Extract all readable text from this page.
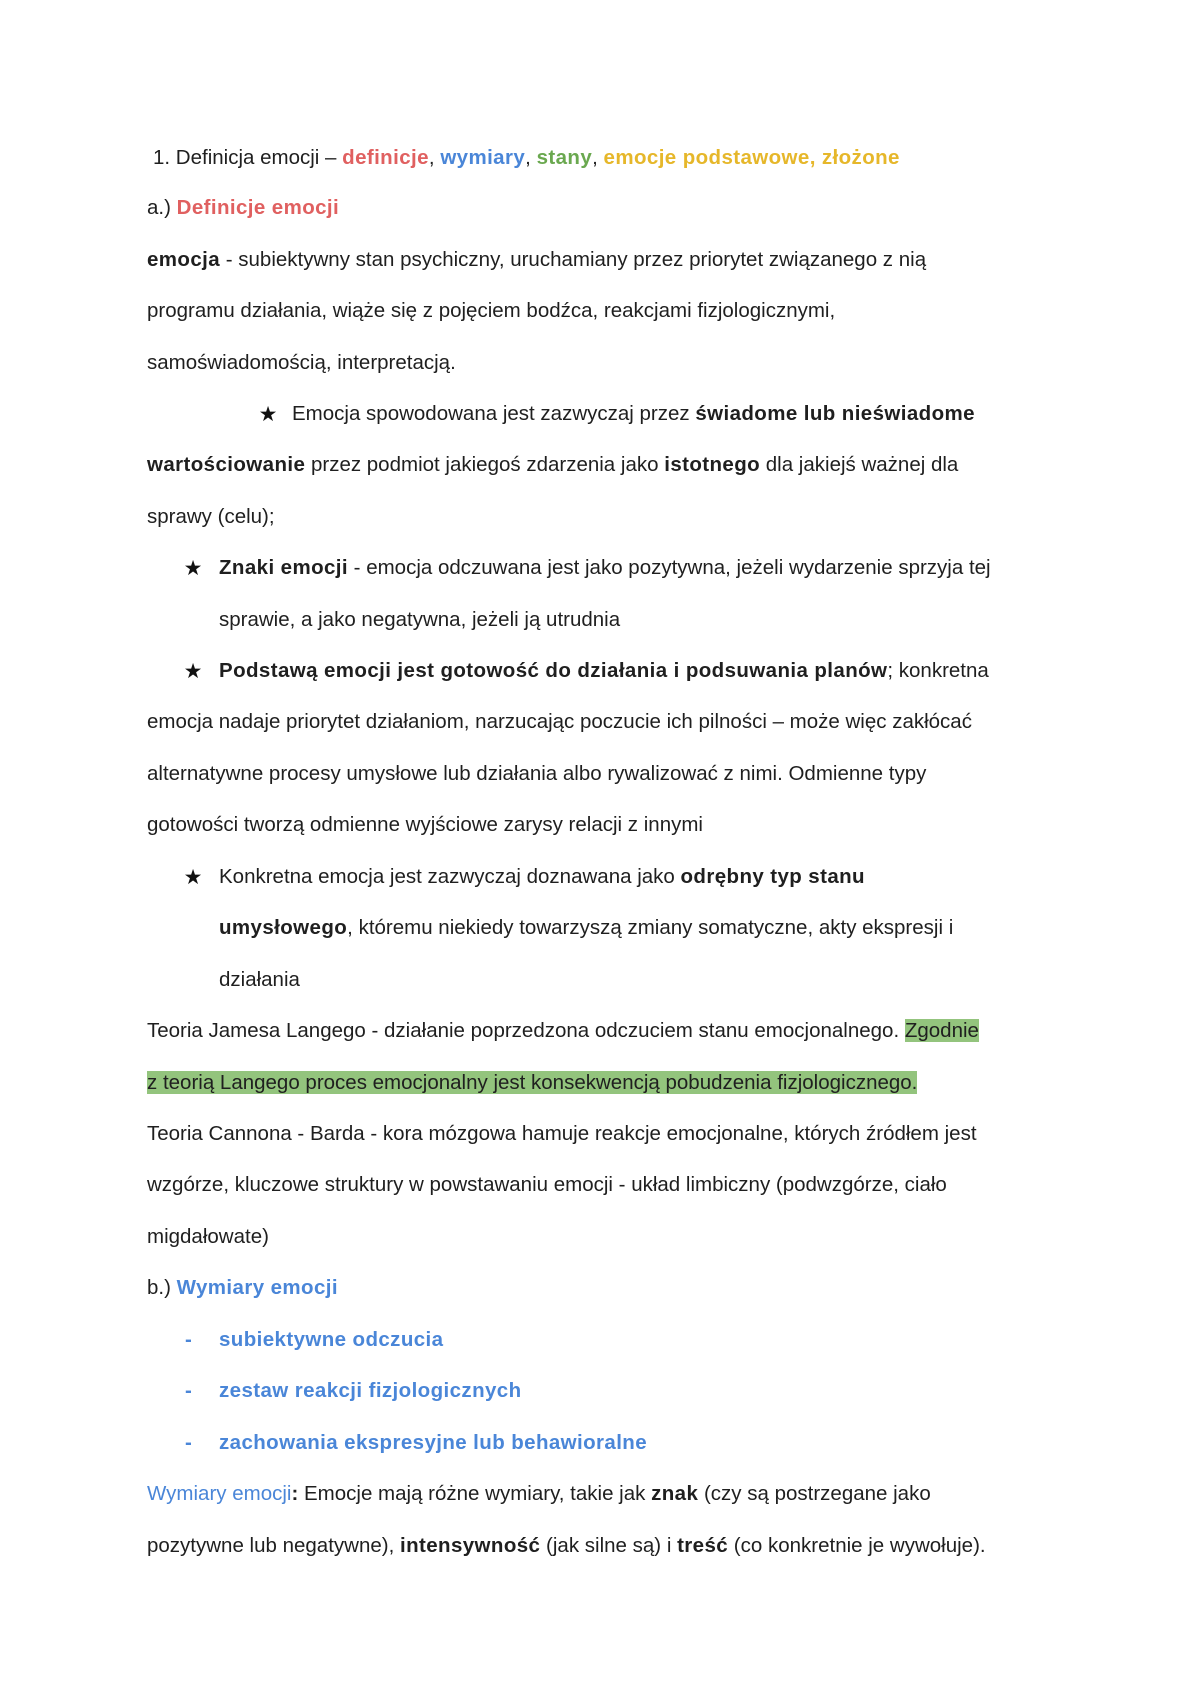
1. Definicja emocji – definicje, wymiary, stany, emocje podstawowe, złożone
a.) Definicje emocji
emocja - subiektywny stan psychiczny, uruchamiany przez priorytet związanego z nią
programu działania, wiąże się z pojęciem bodźca, reakcjami fizjologicznymi,
samoświadomością, interpretacją.
★ Emocja spowodowana jest zazwyczaj przez świadome lub nieświadome
wartościowanie przez podmiot jakiegoś zdarzenia jako istotnego dla jakiejś ważnej dla
sprawy (celu);
★ Znaki emocji - emocja odczuwana jest jako pozytywna, jeżeli wydarzenie sprzyja tej
sprawie, a jako negatywna, jeżeli ją utrudnia
★ Podstawą emocji jest gotowość do działania i podsuwania planów; konkretna
emocja nadaje priorytet działaniom, narzucając poczucie ich pilności – może więc zakłócać
alternatywne procesy umysłowe lub działania albo rywalizować z nimi. Odmienne typy
gotowości tworzą odmienne wyjściowe zarysy relacji z innymi
★ Konkretna emocja jest zazwyczaj doznawana jako odrębny typ stanu
umysłowego, któremu niekiedy towarzyszą zmiany somatyczne, akty ekspresji i
działania
Teoria Jamesa Langego - działanie poprzedzona odczuciem stanu emocjonalnego. Zgodnie
z teorią Langego proces emocjonalny jest konsekwencją pobudzenia fizjologicznego.
Teoria Cannona - Barda - kora mózgowa hamuje reakcje emocjonalne, których źródłem jest
wzgórze, kluczowe struktury w powstawaniu emocji - układ limbiczny (podwzgórze, ciało
migdałowate)
b.) Wymiary emocji
- subiektywne odczucia
- zestaw reakcji fizjologicznych
- zachowania ekspresyjne lub behawioralne
Wymiary emocji: Emocje mają różne wymiary, takie jak znak (czy są postrzegane jako
pozytywne lub negatywne), intensywność (jak silne są) i treść (co konkretnie je wywołuje).
